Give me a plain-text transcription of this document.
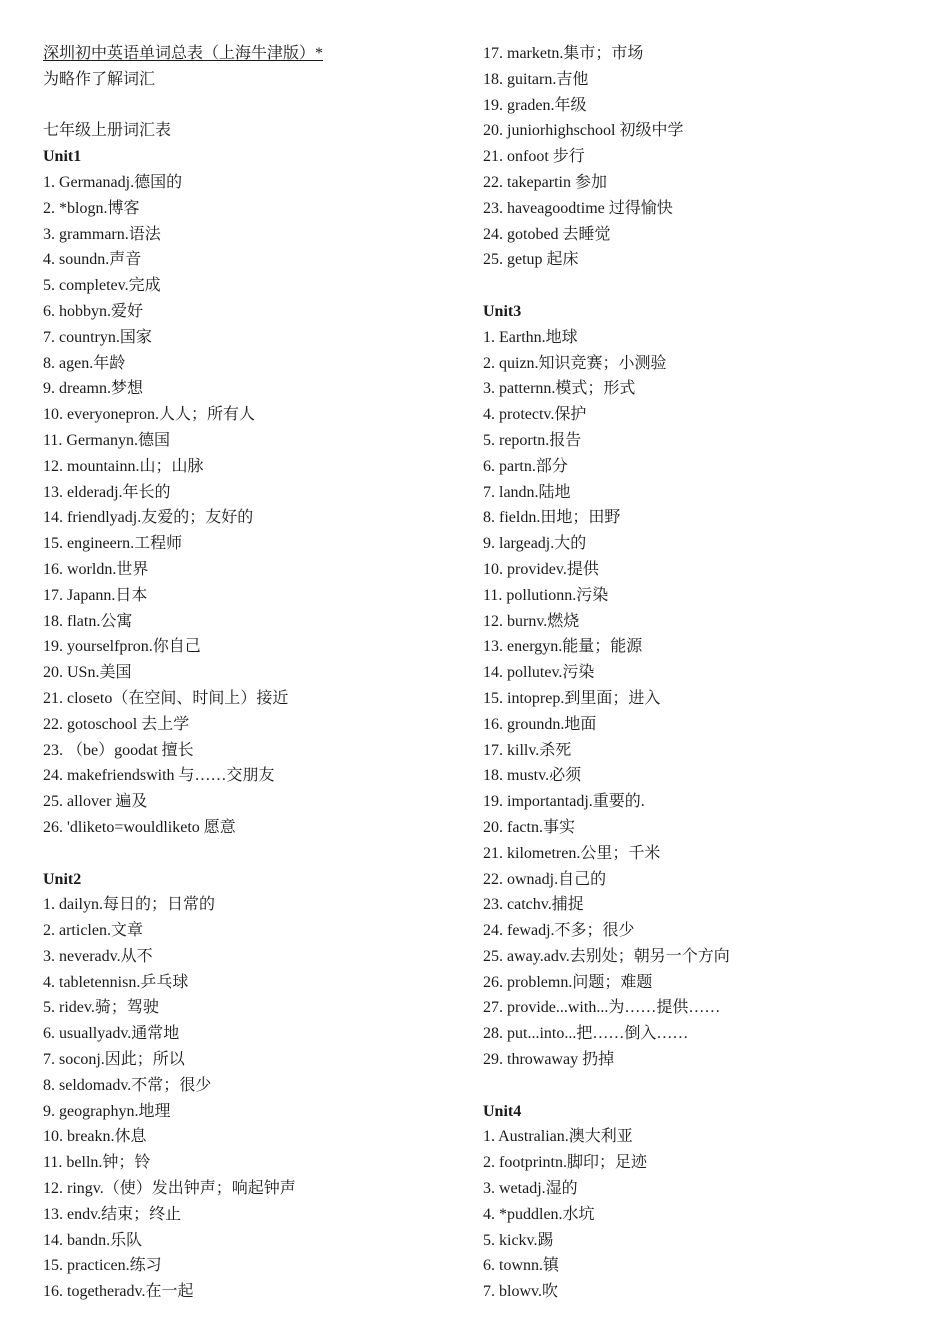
深圳初中英语单词总表（上海牛津版）*
为略作了解词汇
七年级上册词汇表
Unit1
1. Germanadj.德国的
2. *blogn.博客
3. grammarn.语法
4. soundn.声音
5. completev.完成
6. hobbyn.爱好
7. countryn.国家
8. agen.年龄
9. dreamn.梦想
10. everyonepron.人人；所有人
11. Germanyn.德国
12. mountainn.山；山脉
13. elderadj.年长的
14. friendlyadj.友爱的；友好的
15. engineern.工程师
16. worldn.世界
17. Japann.日本
18. flatn.公寓
19. yourselfpron.你自己
20. USn.美国
21. closeto（在空间、时间上）接近
22. gotoschool 去上学
23. （be）goodat 擅长
24. makefriendswith 与……交朋友
25. allover 遍及
26. 'dliketo=wouldliketo 愿意
Unit2
1. dailyn.每日的；日常的
2. articlen.文章
3. neveradv.从不
4. tabletennisn.乒乓球
5. ridev.骑；驾驶
6. usuallyadv.通常地
7. soconj.因此；所以
8. seldomadv.不常；很少
9. geographyn.地理
10. breakn.休息
11. belln.钟；铃
12. ringv.（使）发出钟声；响起钟声
13. endv.结束；终止
14. bandn.乐队
15. practicen.练习
16. togetheradv.在一起
17. marketn.集市；市场
18. guitarn.吉他
19. graden.年级
20. juniorhighschool 初级中学
21. onfoot 步行
22. takepartin 参加
23. haveagoodtime 过得愉快
24. gotobed 去睡觉
25. getup 起床
Unit3
1. Earthn.地球
2. quizn.知识竞赛；小测验
3. patternn.模式；形式
4. protectv.保护
5. reportn.报告
6. partn.部分
7. landn.陆地
8. fieldn.田地；田野
9. largeadj.大的
10. providev.提供
11. pollutionn.污染
12. burnv.燃烧
13. energyn.能量；能源
14. pollutev.污染
15. intoprep.到里面；进入
16. groundn.地面
17. killv.杀死
18. mustv.必须
19. importantadj.重要的.
20. factn.事实
21. kilometren.公里；千米
22. ownadj.自己的
23. catchv.捕捉
24. fewadj.不多；很少
25. away.adv.去别处；朝另一个方向
26. problemn.问题；难题
27. provide...with...为……提供……
28. put...into...把……倒入……
29. throwaway 扔掉
Unit4
1. Australian.澳大利亚
2. footprintn.脚印；足迹
3. wetadj.湿的
4. *puddlen.水坑
5. kickv.踢
6. townn.镇
7. blowv.吹
